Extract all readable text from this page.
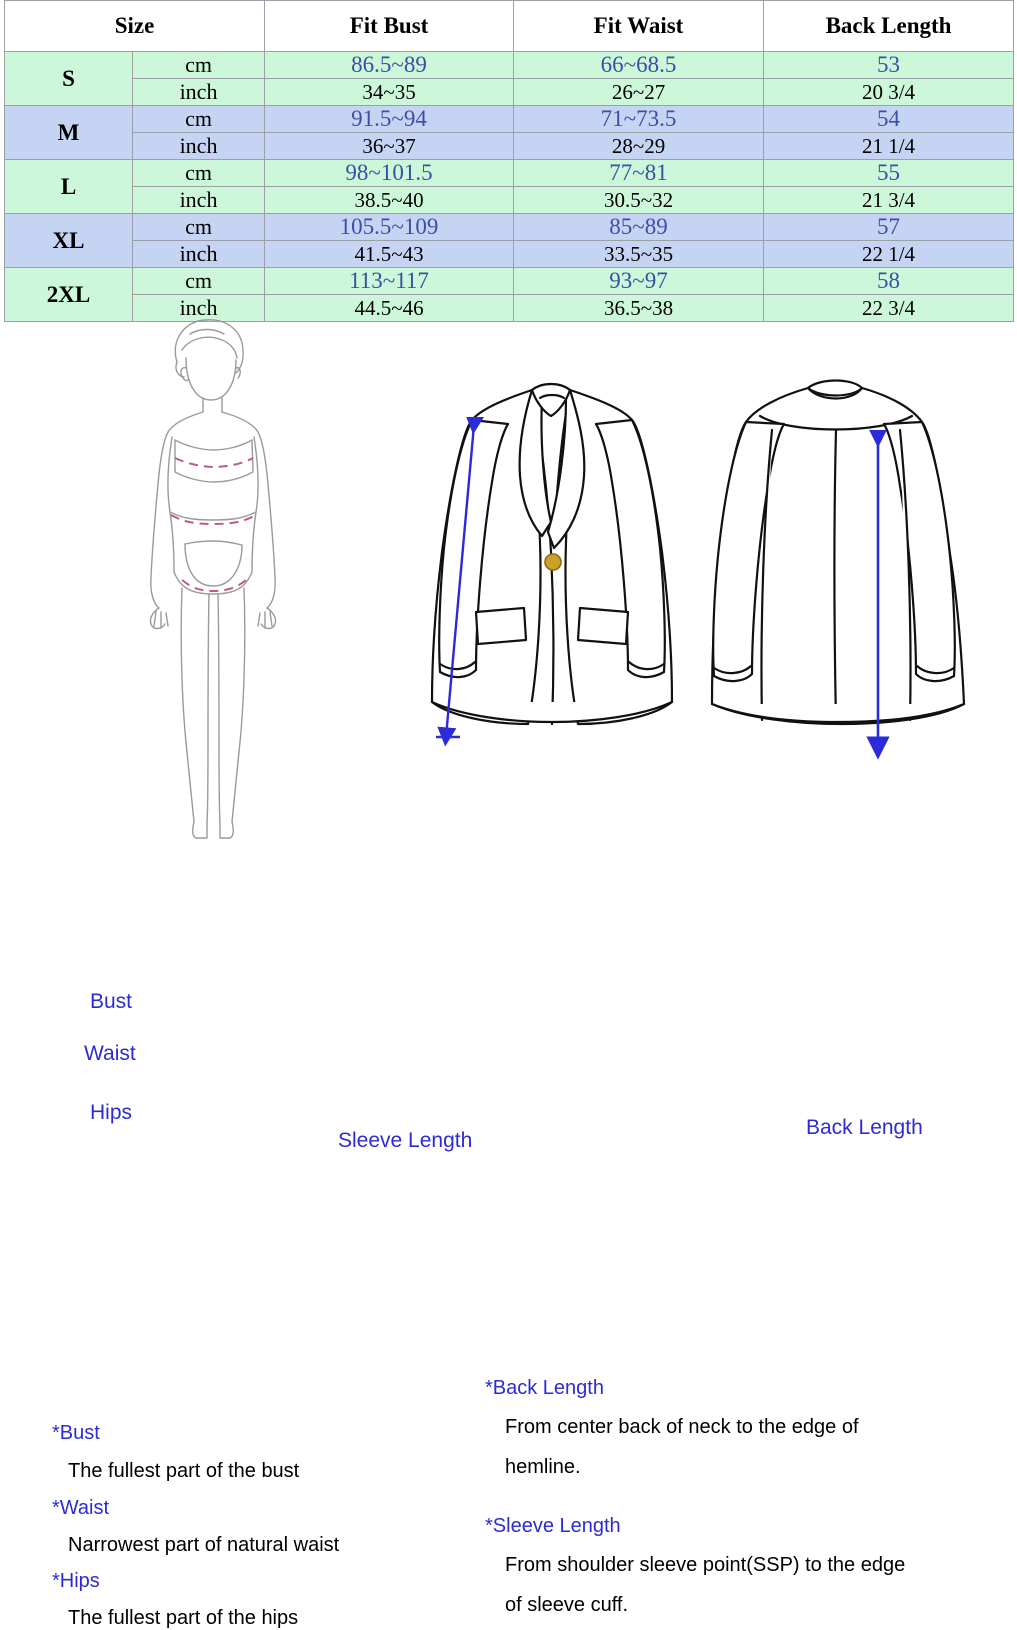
Size		Fit Bust	Fit Waist	Back Length
S	cm	86.5~89	66~68.5	53
	inch	34~35	26~27	20 3/4
M	cm	91.5~94	71~73.5	54
	inch	36~37	28~29	21 1/4
L	cm	98~101.5	77~81	55
	inch	38.5~40	30.5~32	21 3/4
XL	cm	105.5~109	85~89	57
	inch	41.5~43	33.5~35	22 1/4
2XL	cm	113~117	93~97	58
	inch	44.5~46	36.5~38	22 3/4
Bust
Waist
Hips
Sleeve Length
Back Length
*Bust
The fullest part of the bust
*Waist
Narrowest part of natural waist
*Hips
The fullest part of the hips
*Back Length
From center back of neck to the edge of
hemline.
*Sleeve Length
From shoulder sleeve point(SSP) to the edge
of sleeve cuff.
